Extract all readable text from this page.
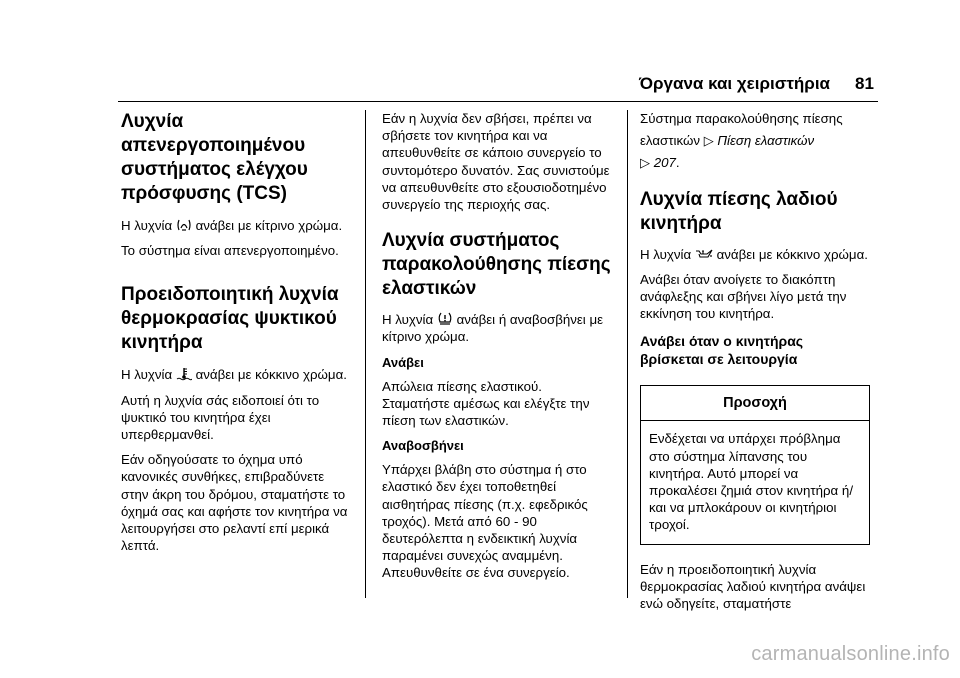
Όργανα και χειριστήρια 81
Λυχνία απενεργοποιημένου συστήματος ελέγχου πρόσφυσης (TCS)

Η λυχνία ανάβει με κίτρινο χρώμα.

Το σύστημα είναι απενεργοποιημένο.

Προειδοποιητική λυχνία θερμοκρασίας ψυκτικού κινητήρα

Η λυχνία ανάβει με κόκκινο χρώμα.

Αυτή η λυχνία σάς ειδοποιεί ότι το ψυκτικό του κινητήρα έχει υπερθερμανθεί.

Εάν οδηγούσατε το όχημα υπό κανονικές συνθήκες, επιβραδύνετε στην άκρη του δρόμου, σταματήστε το όχημά σας και αφήστε τον κινητήρα να λειτουργήσει στο ρελαντί επί μερικά λεπτά.

Εάν η λυχνία δεν σβήσει, πρέπει να σβήσετε τον κινητήρα και να απευθυνθείτε σε κάποιο συνεργείο το συντομότερο δυνατόν. Σας συνιστούμε να απευθυνθείτε στο εξουσιοδοτημένο συνεργείο της περιοχής σας.

Λυχνία συστήματος παρακολούθησης πίεσης ελαστικών

Η λυχνία ανάβει ή αναβοσβήνει με κίτρινο χρώμα.

Ανάβει

Απώλεια πίεσης ελαστικού. Σταματήστε αμέσως και ελέγξτε την πίεση των ελαστικών.

Αναβοσβήνει

Υπάρχει βλάβη στο σύστημα ή στο ελαστικό δεν έχει τοποθετηθεί αισθητήρας πίεσης (π.χ. εφεδρικός τροχός). Μετά από 60 - 90 δευτερόλεπτα η ενδεικτική λυχνία παραμένει συνεχώς αναμμένη. Απευθυνθείτε σε ένα συνεργείο.

Σύστημα παρακολούθησης πίεσης

ελαστικών ▷ Πίεση ελαστικών

▷ 207.

Λυχνία πίεσης λαδιού κινητήρα

Η λυχνία ανάβει με κόκκινο χρώμα.

Ανάβει όταν ανοίγετε το διακόπτη ανάφλεξης και σβήνει λίγο μετά την εκκίνηση του κινητήρα.

Ανάβει όταν ο κινητήρας βρίσκεται σε λειτουργία
Προσοχή

Ενδέχεται να υπάρχει πρόβλημα στο σύστημα λίπανσης του κινητήρα. Αυτό μπορεί να προκαλέσει ζημιά στον κινητήρα ή/και να μπλοκάρουν οι κινητήριοι τροχοί.

Εάν η προειδοποιητική λυχνία θερμοκρασίας λαδιού κινητήρα ανάψει ενώ οδηγείτε, σταματήστε

carmanualsonline.info
